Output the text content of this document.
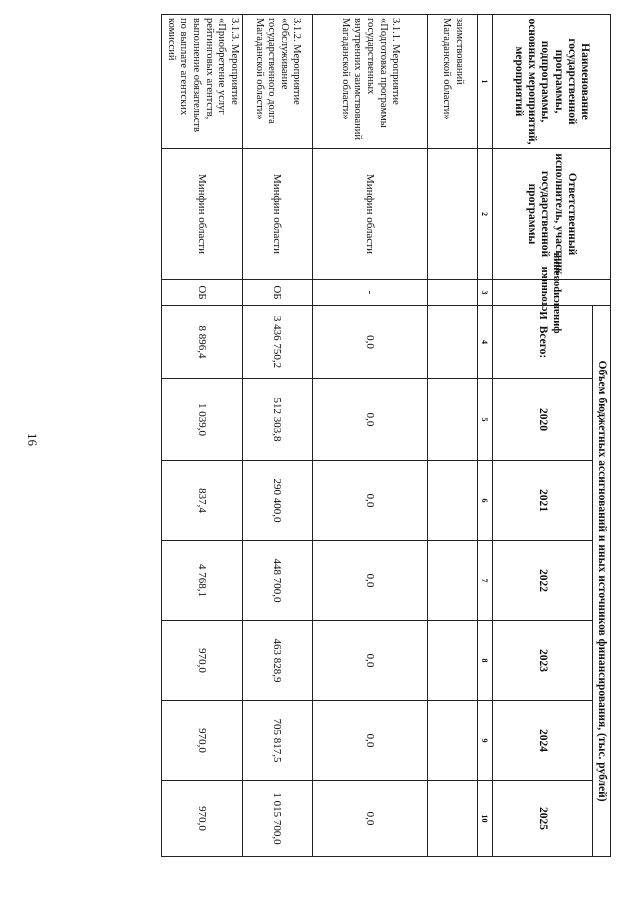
16
Наименование государственной программы, подпрограммы, основных мероприятий, мероприятий	Ответственный исполнитель, участник государственной программы	Источники финансирования	Объем бюджетных ассигнований и иных источников финансирования, (тыс. рублей)						
			Всего:	2020	2021	2022	2023	2024	2025
1	2	3	4	5	6	7	8	9	10
заимствований Магаданской области»									
3.1.1. Мероприятие «Подготовка программы государственных внутренних заимствований Магаданской области»	Минфин области	-	0,0	0,0	0,0	0,0	0,0	0,0	0,0
3.1.2. Мероприятие «Обслуживание государственного долга Магаданской области»	Минфин области	ОБ	3 436 750,2	512 303,8	290 400,0	448 700,0	463 828,9	705 817,5	1 015 700,0
3.1.3. Мероприятие «Приобретение услуг рейтинговых агентств, выполнение обязательств по выплате агентских комиссий	Минфин области	ОБ	8 896,4	1 039,0	837,4	4 768,1	970,0	970,0	970,0
